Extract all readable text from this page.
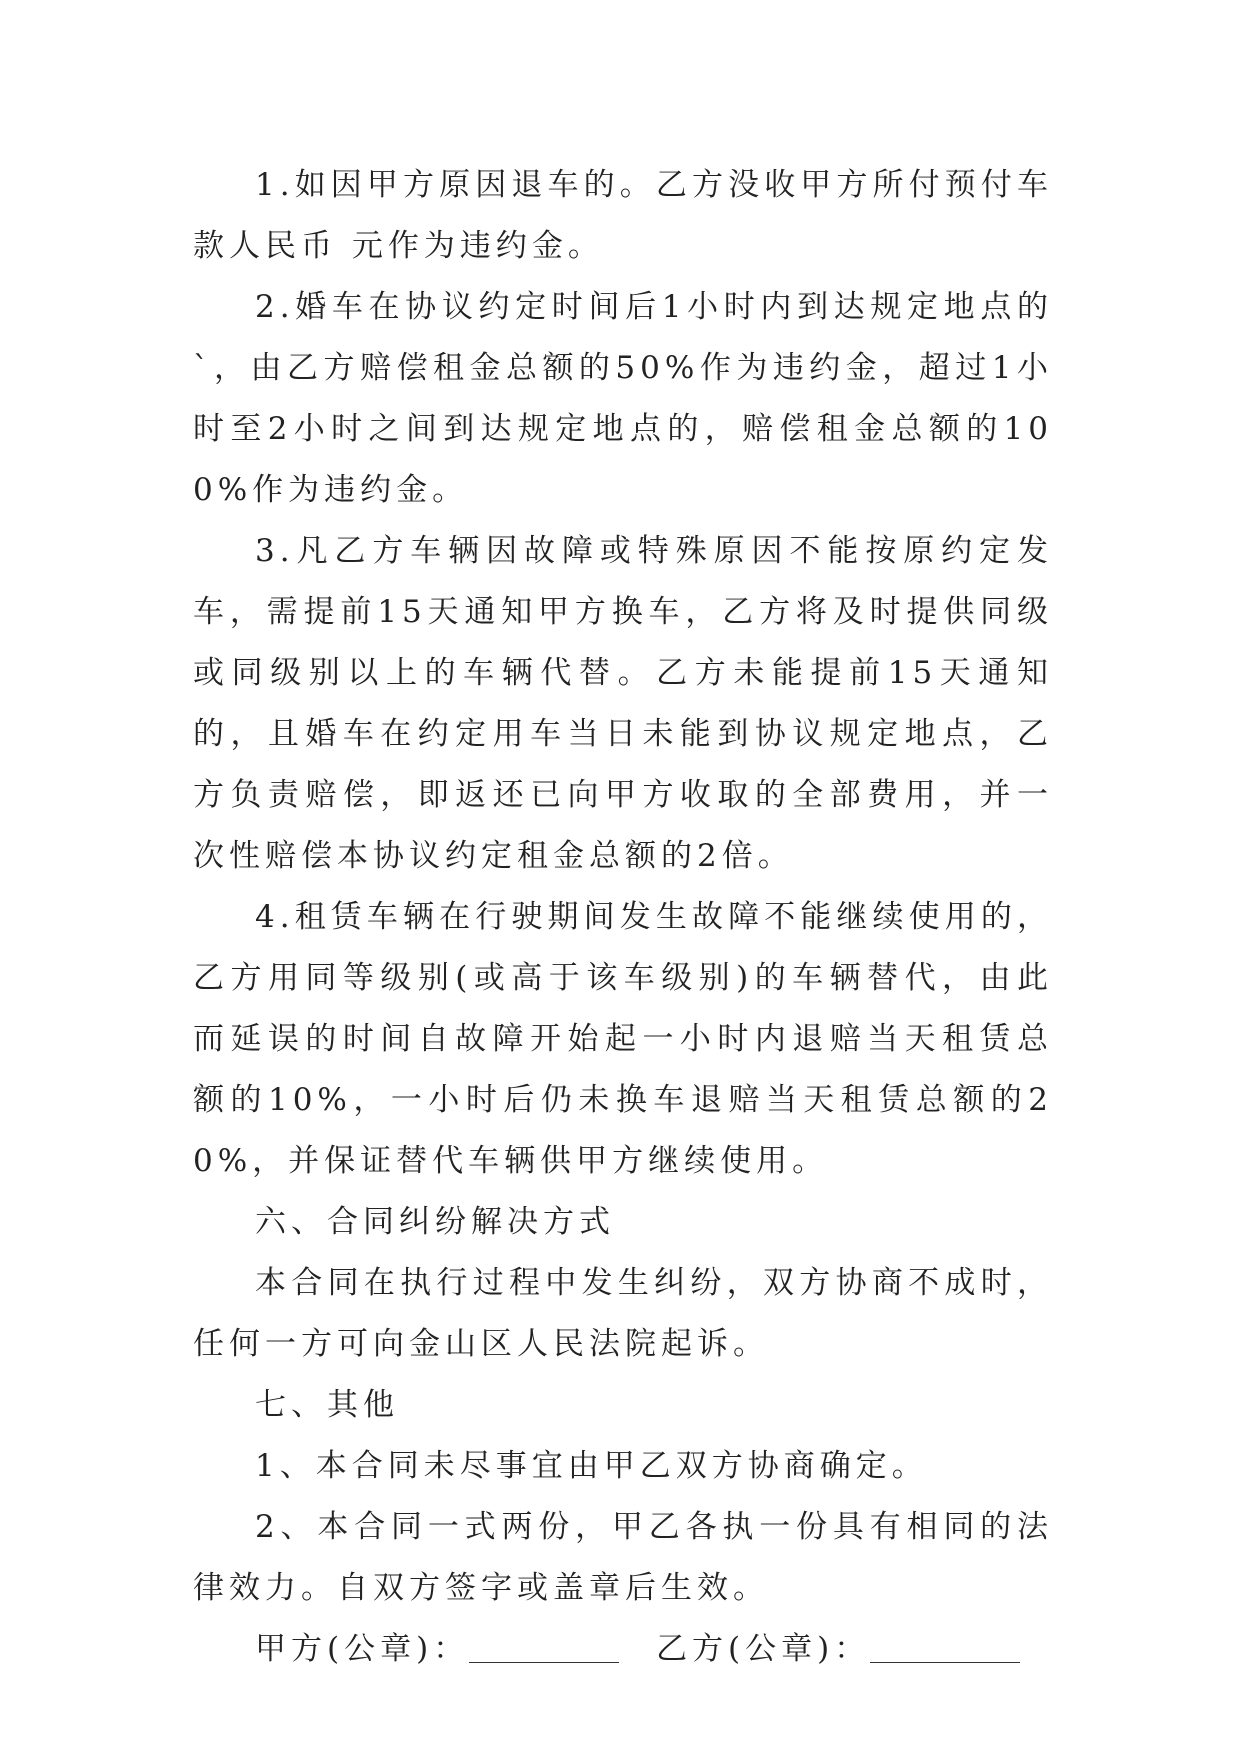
1.如因甲方原因退车的。乙方没收甲方所付预付车款人民币 元作为违约金。

2.婚车在协议约定时间后1小时内到达规定地点的`，由乙方赔偿租金总额的50%作为违约金，超过1小时至2小时之间到达规定地点的，赔偿租金总额的100%作为违约金。

3.凡乙方车辆因故障或特殊原因不能按原约定发车，需提前15天通知甲方换车，乙方将及时提供同级或同级别以上的车辆代替。乙方未能提前15天通知的，且婚车在约定用车当日未能到协议规定地点，乙方负责赔偿，即返还已向甲方收取的全部费用，并一次性赔偿本协议约定租金总额的2倍。

4.租赁车辆在行驶期间发生故障不能继续使用的，乙方用同等级别(或高于该车级别)的车辆替代，由此而延误的时间自故障开始起一小时内退赔当天租赁总额的10%，一小时后仍未换车退赔当天租赁总额的20%，并保证替代车辆供甲方继续使用。

六、合同纠纷解决方式

本合同在执行过程中发生纠纷，双方协商不成时，任何一方可向金山区人民法院起诉。

七、其他

1、本合同未尽事宜由甲乙双方协商确定。

2、本合同一式两份，甲乙各执一份具有相同的法律效力。自双方签字或盖章后生效。

甲方(公章)：	乙方(公章)：
